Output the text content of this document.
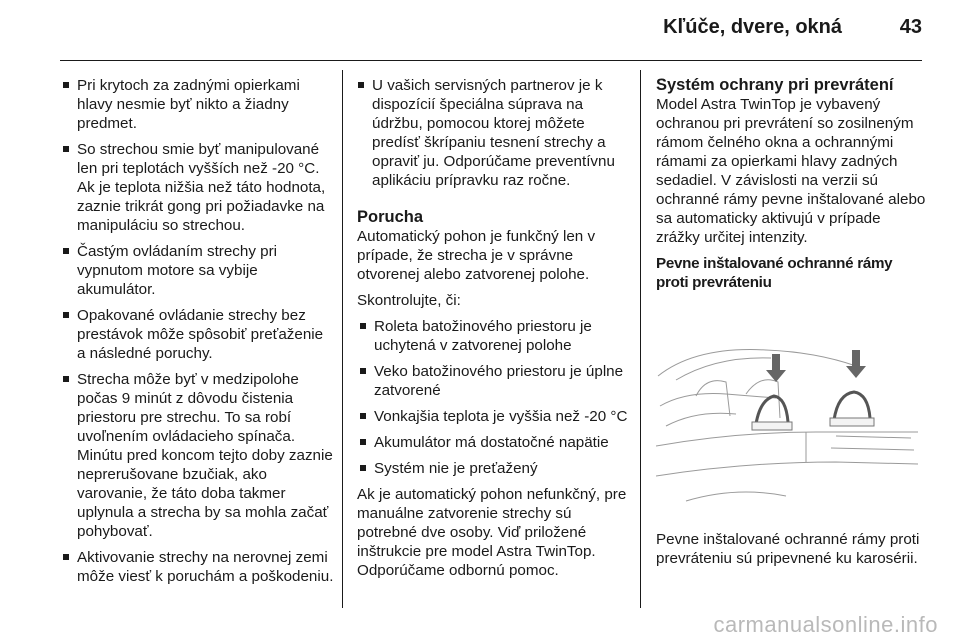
Kľúče, dvere, okná	43
Pri krytoch za zadnými opierkami hlavy nesmie byť nikto a žiadny predmet.
So strechou smie byť manipulované len pri teplotách vyšších než -20 °C. Ak je teplota nižšia než táto hodnota, zaznie trikrát gong pri požiadavke na manipuláciu so strechou.
Častým ovládaním strechy pri vypnutom motore sa vybije akumulátor.
Opakované ovládanie strechy bez prestávok môže spôsobiť preťaženie a následné poruchy.
Strecha môže byť v medzipolohe počas 9 minút z dôvodu čistenia priestoru pre strechu. To sa robí uvoľnením ovládacieho spínača. Minútu pred koncom tejto doby zaznie neprerušovane bzučiak, ako varovanie, že táto doba takmer uplynula a strecha by sa mohla začať pohybovať.
Aktivovanie strechy na nerovnej zemi môže viesť k poruchám a poškodeniu.
U vašich servisných partnerov je k dispozícií špeciálna súprava na údržbu, pomocou ktorej môžete predísť škrípaniu tesnení strechy a opraviť ju. Odporúčame preventívnu aplikáciu prípravku raz ročne.
Porucha
Automatický pohon je funkčný len v prípade, že strecha je v správne otvorenej alebo zatvorenej polohe.
Skontrolujte, či:
Roleta batožinového priestoru je uchytená v zatvorenej polohe
Veko batožinového priestoru je úplne zatvorené
Vonkajšia teplota je vyššia než -20 °C
Akumulátor má dostatočné napätie
Systém nie je preťažený
Ak je automatický pohon nefunkčný, pre manuálne zatvorenie strechy sú potrebné dve osoby. Viď priložené inštrukcie pre model Astra TwinTop. Odporúčame odbornú pomoc.
Systém ochrany pri prevrátení
Model Astra TwinTop je vybavený ochranou pri prevrátení so zosilneným rámom čelného okna a ochrannými rámami za opierkami hlavy zadných sedadiel. V závislosti na verzii sú ochranné rámy pevne inštalované alebo sa automaticky aktivujú v prípade zrážky určitej intenzity.
Pevne inštalované ochranné rámy proti prevráteniu
Pevne inštalované ochranné rámy proti prevráteniu sú pripevnené ku karosérii.
carmanualsonline.info
